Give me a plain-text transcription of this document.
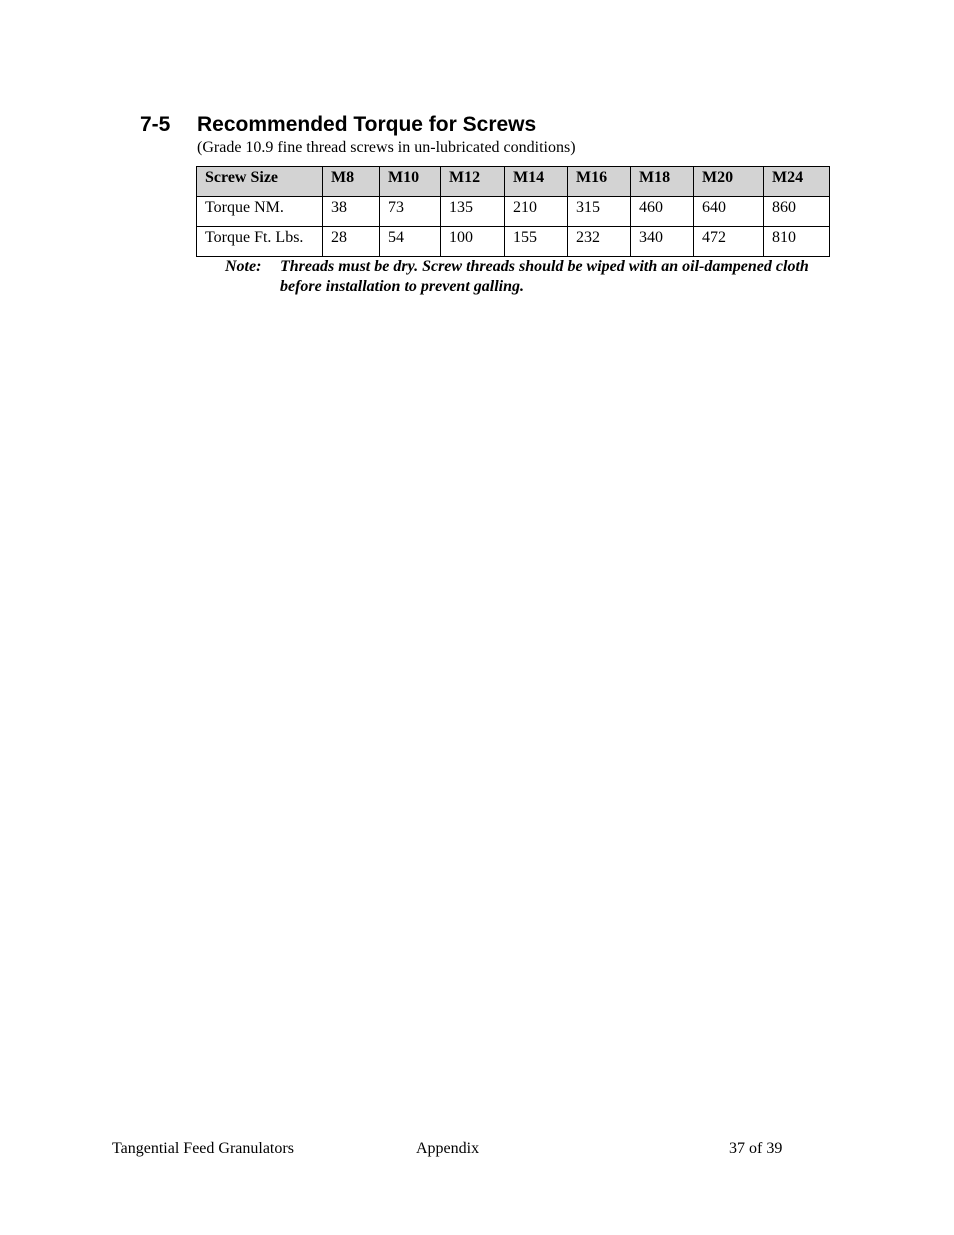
7-5 Recommended Torque for Screws
(Grade 10.9 fine thread screws in un-lubricated conditions)
Screw Size	M8	M10	M12	M14	M16	M18	M20	M24
Torque NM.	38	73	135	210	315	460	640	860
Torque Ft. Lbs.	28	54	100	155	232	340	472	810
Note: Threads must be dry. Screw threads should be wiped with an oil-dampened cloth before installation to prevent galling.
Tangential Feed Granulators	Appendix	37 of 39
